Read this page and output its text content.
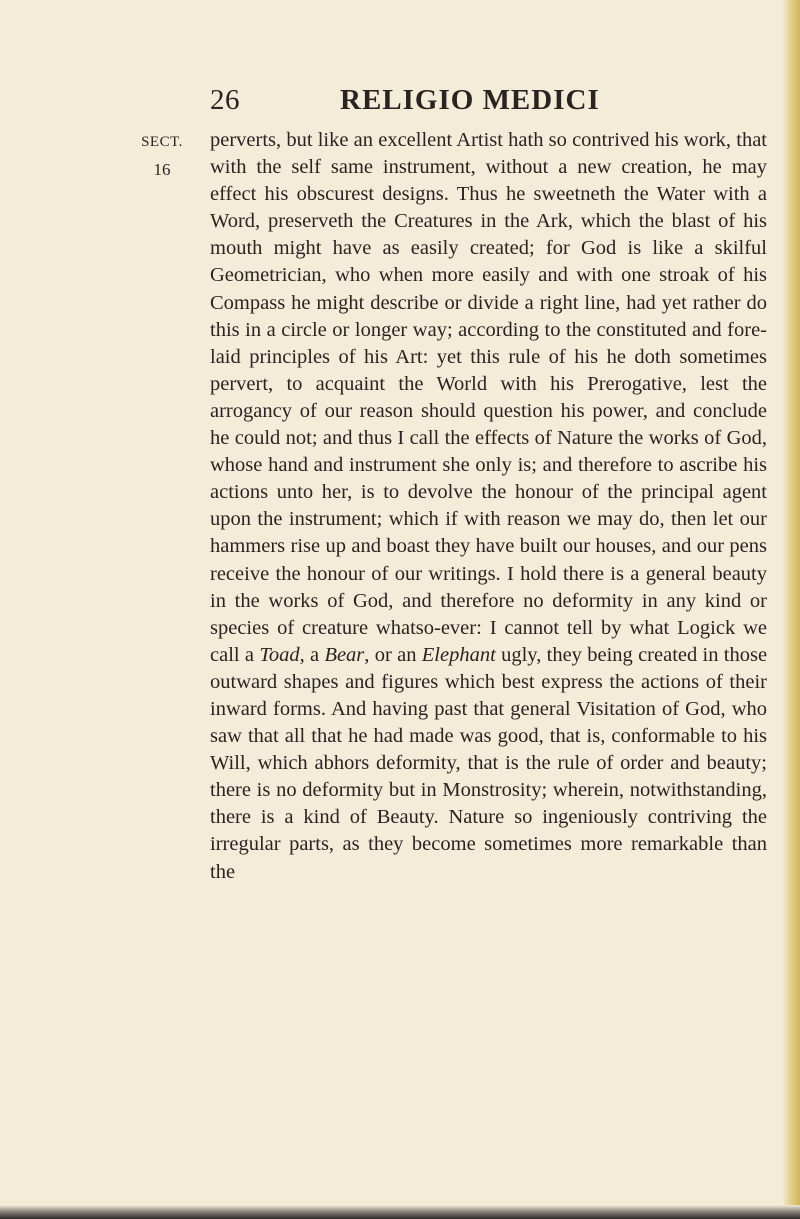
26	RELIGIO MEDICI
SECT.
16
perverts, but like an excellent Artist hath so contrived his work, that with the self same instrument, without a new creation, he may effect his obscurest designs. Thus he sweetneth the Water with a Word, preserveth the Creatures in the Ark, which the blast of his mouth might have as easily created; for God is like a skilful Geometrician, who when more easily and with one stroak of his Compass he might describe or divide a right line, had yet rather do this in a circle or longer way; according to the constituted and fore-laid principles of his Art: yet this rule of his he doth sometimes pervert, to acquaint the World with his Prerogative, lest the arrogancy of our reason should question his power, and conclude he could not; and thus I call the effects of Nature the works of God, whose hand and instrument she only is; and therefore to ascribe his actions unto her, is to devolve the honour of the principal agent upon the instrument; which if with reason we may do, then let our hammers rise up and boast they have built our houses, and our pens receive the honour of our writings. I hold there is a general beauty in the works of God, and therefore no deformity in any kind or species of creature whatso-ever: I cannot tell by what Logick we call a Toad, a Bear, or an Elephant ugly, they being created in those outward shapes and figures which best express the actions of their inward forms. And having past that general Visitation of God, who saw that all that he had made was good, that is, conformable to his Will, which abhors deformity, that is the rule of order and beauty; there is no deformity but in Monstrosity; wherein, notwithstanding, there is a kind of Beauty. Nature so ingeniously contriving the irregular parts, as they become sometimes more remarkable than the
